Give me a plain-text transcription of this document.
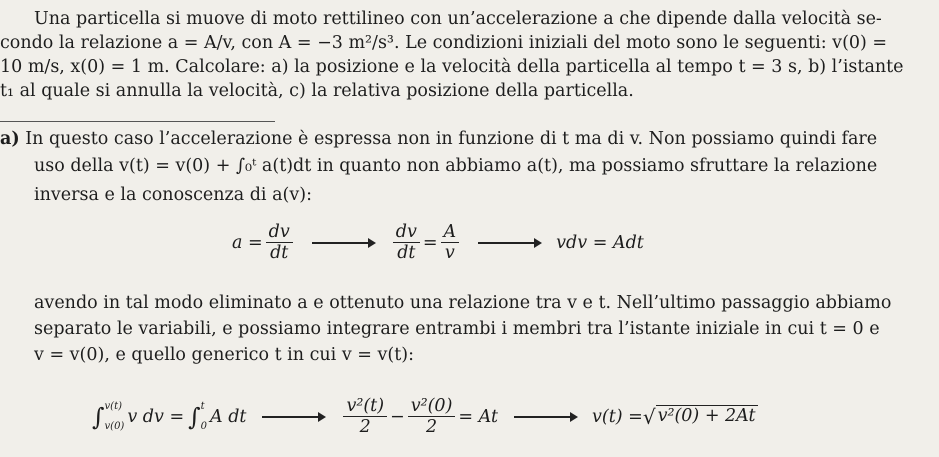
Una particella si muove di moto rettilineo con un’accelerazione a che dipende dalla velocità se-
condo la relazione a = A/v, con A = −3 m²/s³. Le condizioni iniziali del moto sono le seguenti: v(0) =
10 m/s, x(0) = 1 m. Calcolare: a) la posizione e la velocità della particella al tempo t = 3 s, b) l’istante
t₁ al quale si annulla la velocità, c) la relativa posizione della particella.
a) In questo caso l’accelerazione è espressa non in funzione di t ma di v. Non possiamo quindi fare
uso della v(t) = v(0) + ∫₀ᵗ a(t)dt in quanto non abbiamo a(t), ma possiamo sfruttare la relazione
inversa e la conoscenza di a(v):
$a = \frac{dv}{dt}$	$\frac{dv}{dt} = \frac{A}{v}$	vdv = Adt
avendo in tal modo eliminato a e ottenuto una relazione tra v e t. Nell’ultimo passaggio abbiamo
separato le variabili, e possiamo integrare entrambi i membri tra l’istante iniziale in cui t = 0 e
v = v(0), e quello generico t in cui v = v(t):
∫ v(t)
v(0) v dv = ∫ t
0 A dt	$\frac{\text{v²(t)}}{2} - \frac{\text{v²(0)}}{2} = At$	v(t) = √ v²(0) + 2At
